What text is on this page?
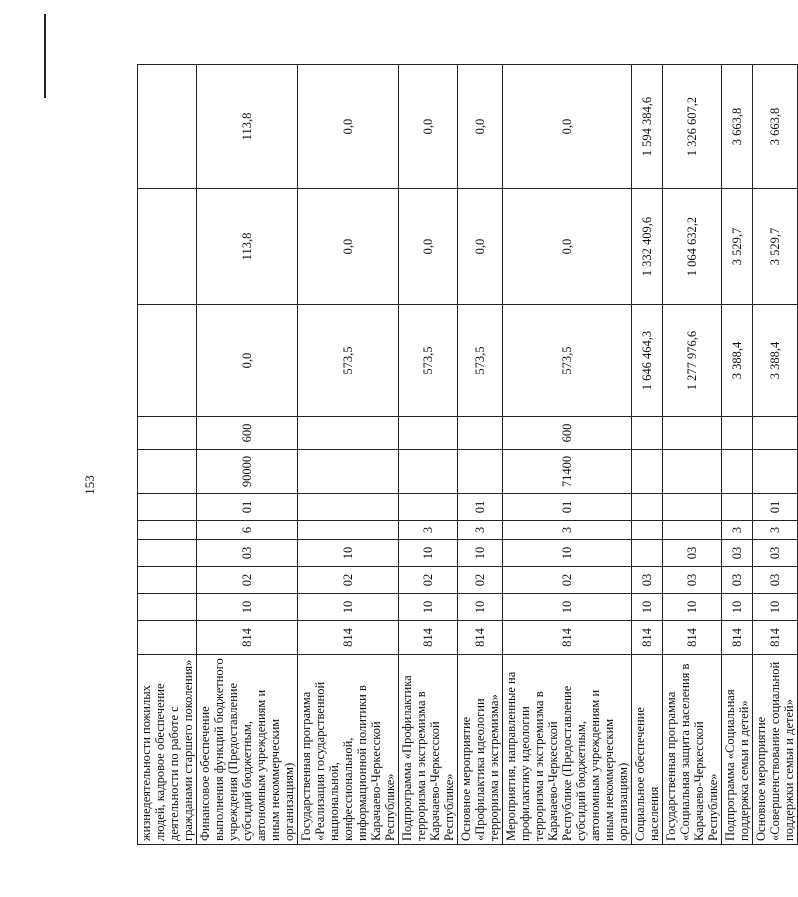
153
жизнедеятельности пожилых людей, кадровое обеспечение деятельности по работе с гражданами старшего поколения»											
Финансовое обеспечение выполнения функций бюджетного учреждения (Предоставление субсидий бюджетным, автономным учреждениям и иным некоммерческим организациям)	814	10	02	03	6	01	90000	600	0,0	113,8	113,8
Государственная программа «Реализация государственной национальной, конфессиональной, информационной политики в Карачаево-Черкесской Республике»	814	10	02	10					573,5	0,0	0,0
Подпрограмма «Профилактика терроризма и экстремизма в Карачаево-Черкесской Республике»	814	10	02	10	3				573,5	0,0	0,0
Основное мероприятие «Профилактика идеологии терроризма и экстремизма»	814	10	02	10	3	01			573,5	0,0	0,0
Мероприятия, направленные на профилактику идеологии терроризма и экстремизма в Карачаево-Черкесской Республике (Предоставление субсидий бюджетным, автономным учреждениям и иным некоммерческим организациям)	814	10	02	10	3	01	71400	600	573,5	0,0	0,0
Социальное обеспечение населения	814	10	03						1 646 464,3	1 332 409,6	1 594 384,6
Государственная программа «Социальная защита населения в Карачаево-Черкесской Республике»	814	10	03	03					1 277 976,6	1 064 632,2	1 326 607,2
Подпрограмма «Социальная поддержка семьи и детей»	814	10	03	03	3				3 388,4	3 529,7	3 663,8
Основное мероприятие «Совершенствование социальной поддержки семьи и детей»	814	10	03	03	3	01			3 388,4	3 529,7	3 663,8
